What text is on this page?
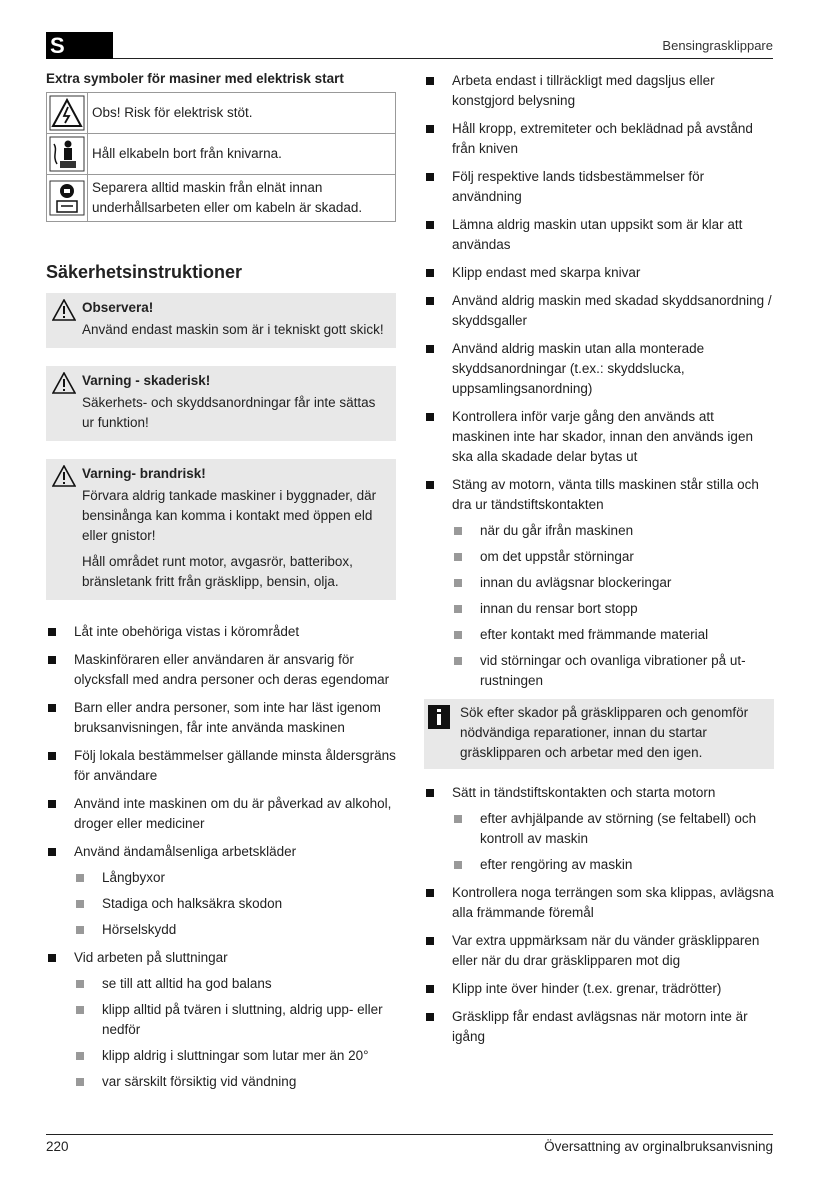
S	Bensingrasklippare
Extra symboler för masiner med elektrisk start
	Obs! Risk för elektrisk stöt.

	Håll elkabeln bort från knivarna.

	Separera alltid maskin från elnät innan underhållsarbeten eller om kabeln är skadad.
Säkerhetsinstruktioner
Observera!
Använd endast maskin som är i tekniskt gott skick!
Varning - skaderisk!
Säkerhets- och skyddsanordningar får inte sättas ur funktion!
Varning- brandrisk!
Förvara aldrig tankade maskiner i byggnader, där bensinånga kan komma i kontakt med öppen eld eller gnistor!
Håll området runt motor, avgasrör, batteribox, bränsletank fritt från gräsklipp, bensin, olja.
Låt inte obehöriga vistas i körområdet
Maskinföraren eller användaren är ansvarig för olycksfall med andra personer och deras egendomar
Barn eller andra personer, som inte har läst igenom bruksanvisningen, får inte använda maskinen
Följ lokala bestämmelser gällande minsta åldersgräns för användare
Använd inte maskinen om du är påverkad av alkohol, droger eller mediciner
Använd ändamålsenliga arbetskläder
Långbyxor
Stadiga och halksäkra skodon
Hörselskydd
Vid arbeten på sluttningar
se till att alltid ha god balans
klipp alltid på tvären i sluttning, aldrig upp- eller nedför
klipp aldrig i sluttningar som lutar mer än 20°
var särskilt försiktig vid vändning
Arbeta endast i tillräckligt med dagsljus eller konstgjord belysning
Håll kropp, extremiteter och beklädnad på avstånd från kniven
Följ respektive lands tidsbestämmelser för användning
Lämna aldrig maskin utan uppsikt som är klar att användas
Klipp endast med skarpa knivar
Använd aldrig maskin med skadad skyddsanordning / skyddsgaller
Använd aldrig maskin utan alla monterade skyddsanordningar (t.ex.: skyddslucka, uppsamlingsanordning)
Kontrollera inför varje gång den används att maskinen inte har skador, innan den används igen ska alla skadade delar bytas ut
Stäng av motorn, vänta tills maskinen står stilla och dra ur tändstiftskontakten
när du går ifrån maskinen
om det uppstår störningar
innan du avlägsnar blockeringar
innan du rensar bort stopp
efter kontakt med främmande material
vid störningar och ovanliga vibrationer på ut-rustningen
Sök efter skador på gräsklipparen och genomför nödvändiga reparationer, innan du startar gräsklipparen och arbetar med den igen.
Sätt in tändstiftskontakten och starta motorn
efter avhjälpande av störning (se feltabell) och kontroll av maskin
efter rengöring av maskin
Kontrollera noga terrängen som ska klippas, avlägsna alla främmande föremål
Var extra uppmärksam när du vänder gräsklipparen eller när du drar gräsklipparen mot dig
Klipp inte över hinder (t.ex. grenar, trädrötter)
Gräsklipp får endast avlägsnas när motorn inte är igång
220	Översattning av orginalbruksanvisning
